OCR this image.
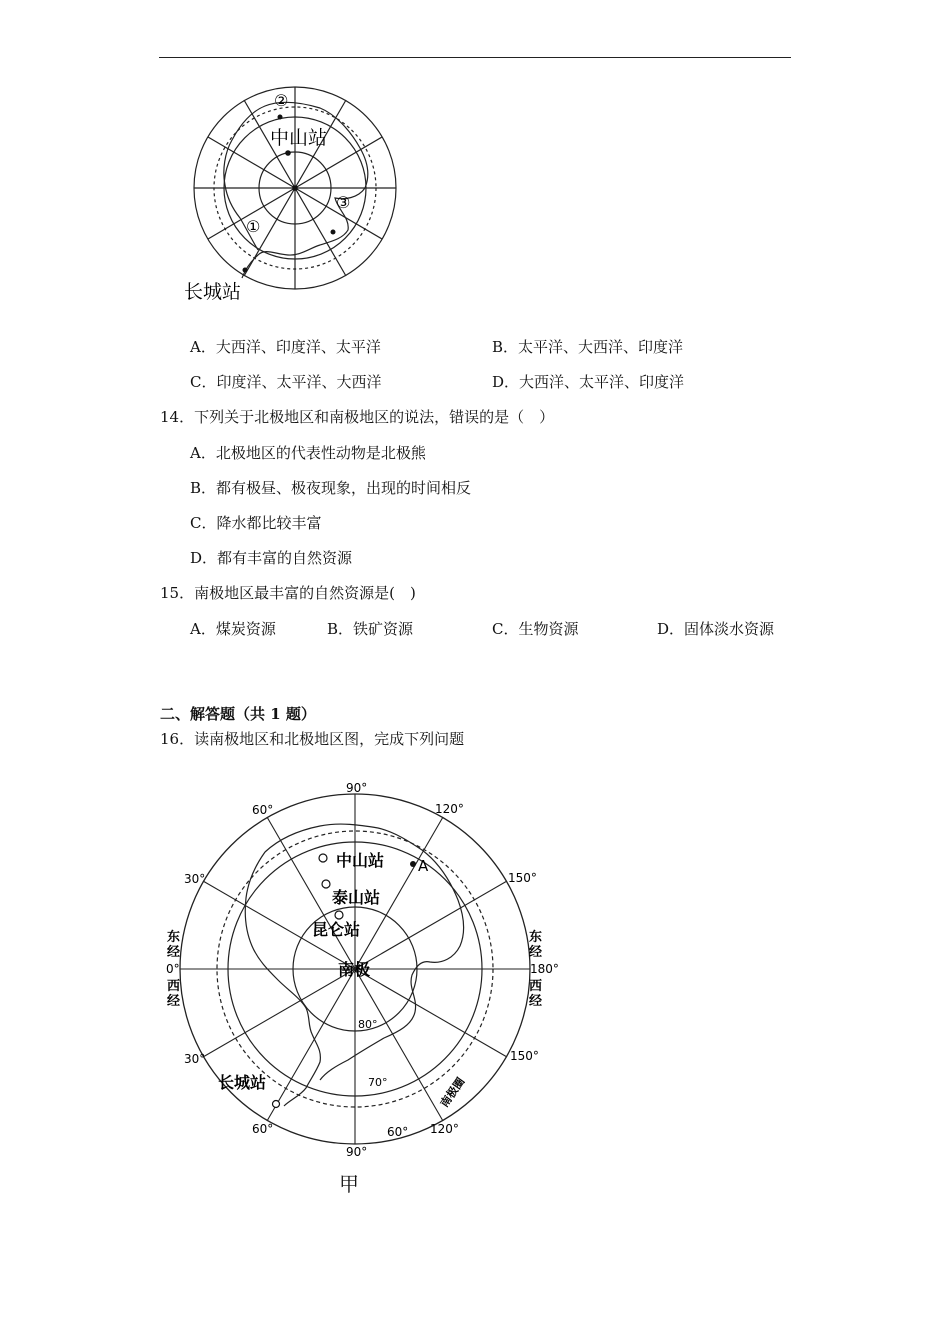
②
③
①
中山站
长城站
A．大西洋、印度洋、太平洋	B．太平洋、大西洋、印度洋
C．印度洋、太平洋、大西洋	D．大西洋、太平洋、印度洋
14．下列关于北极地区和南极地区的说法，错误的是（　）
A．北极地区的代表性动物是北极熊
B．都有极昼、极夜现象，出现的时间相反
C．降水都比较丰富
D．都有丰富的自然资源
15．南极地区最丰富的自然资源是(　)
A．煤炭资源	B．铁矿资源	C．生物资源	D．固体淡水资源
二、解答题（共 1 题）
16．读南极地区和北极地区图，完成下列问题
90°
120°
60°
150°
30°
0°	180°
30°	150°
60°
90°
60° 120°
80°
70°
东经
西经
东经
西经
中山站
泰山站
昆仑站
南极
A
长城站	南极圈
甲
